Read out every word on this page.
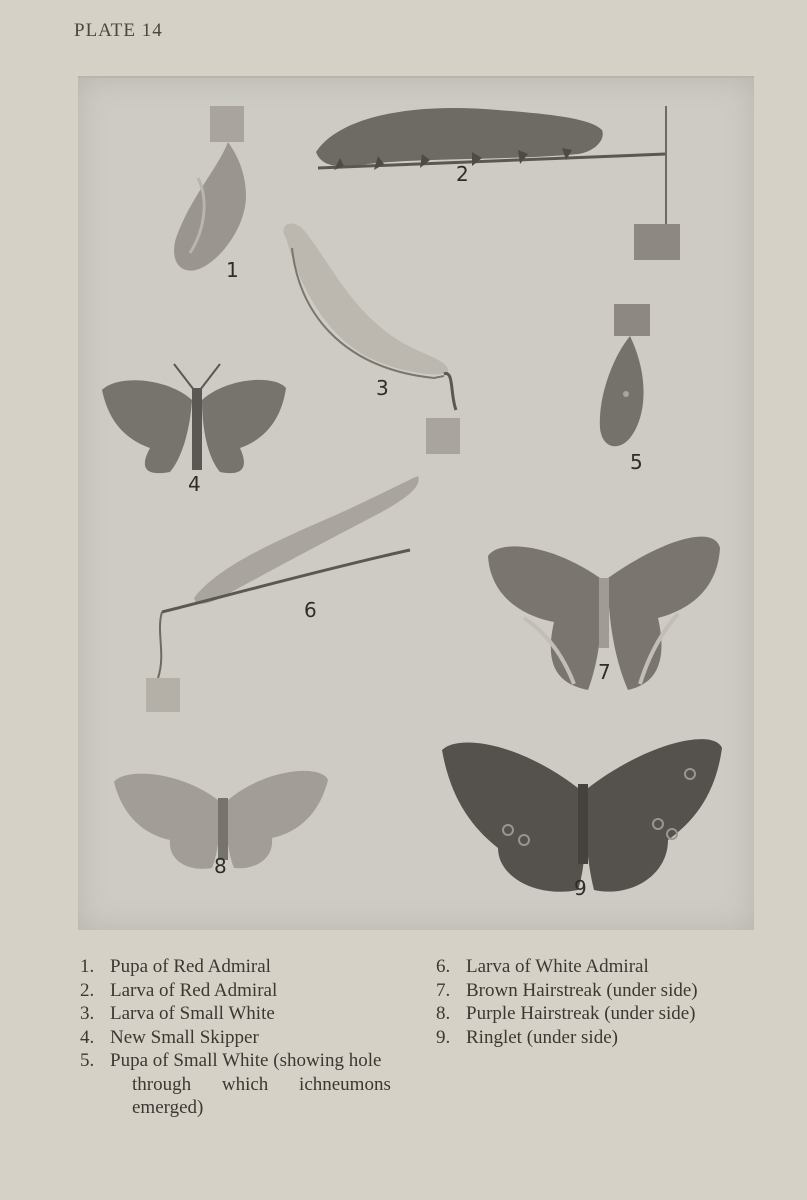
PLATE 14
1
2
3
4
5
6
7
8
9
1. Pupa of Red Admiral
2. Larva of Red Admiral
3. Larva of Small White
4. New Small Skipper
5. Pupa of Small White (showing hole
through which ichneumons
emerged)
6. Larva of White Admiral
7. Brown Hairstreak (under side)
8. Purple Hairstreak (under side)
9. Ringlet (under side)
